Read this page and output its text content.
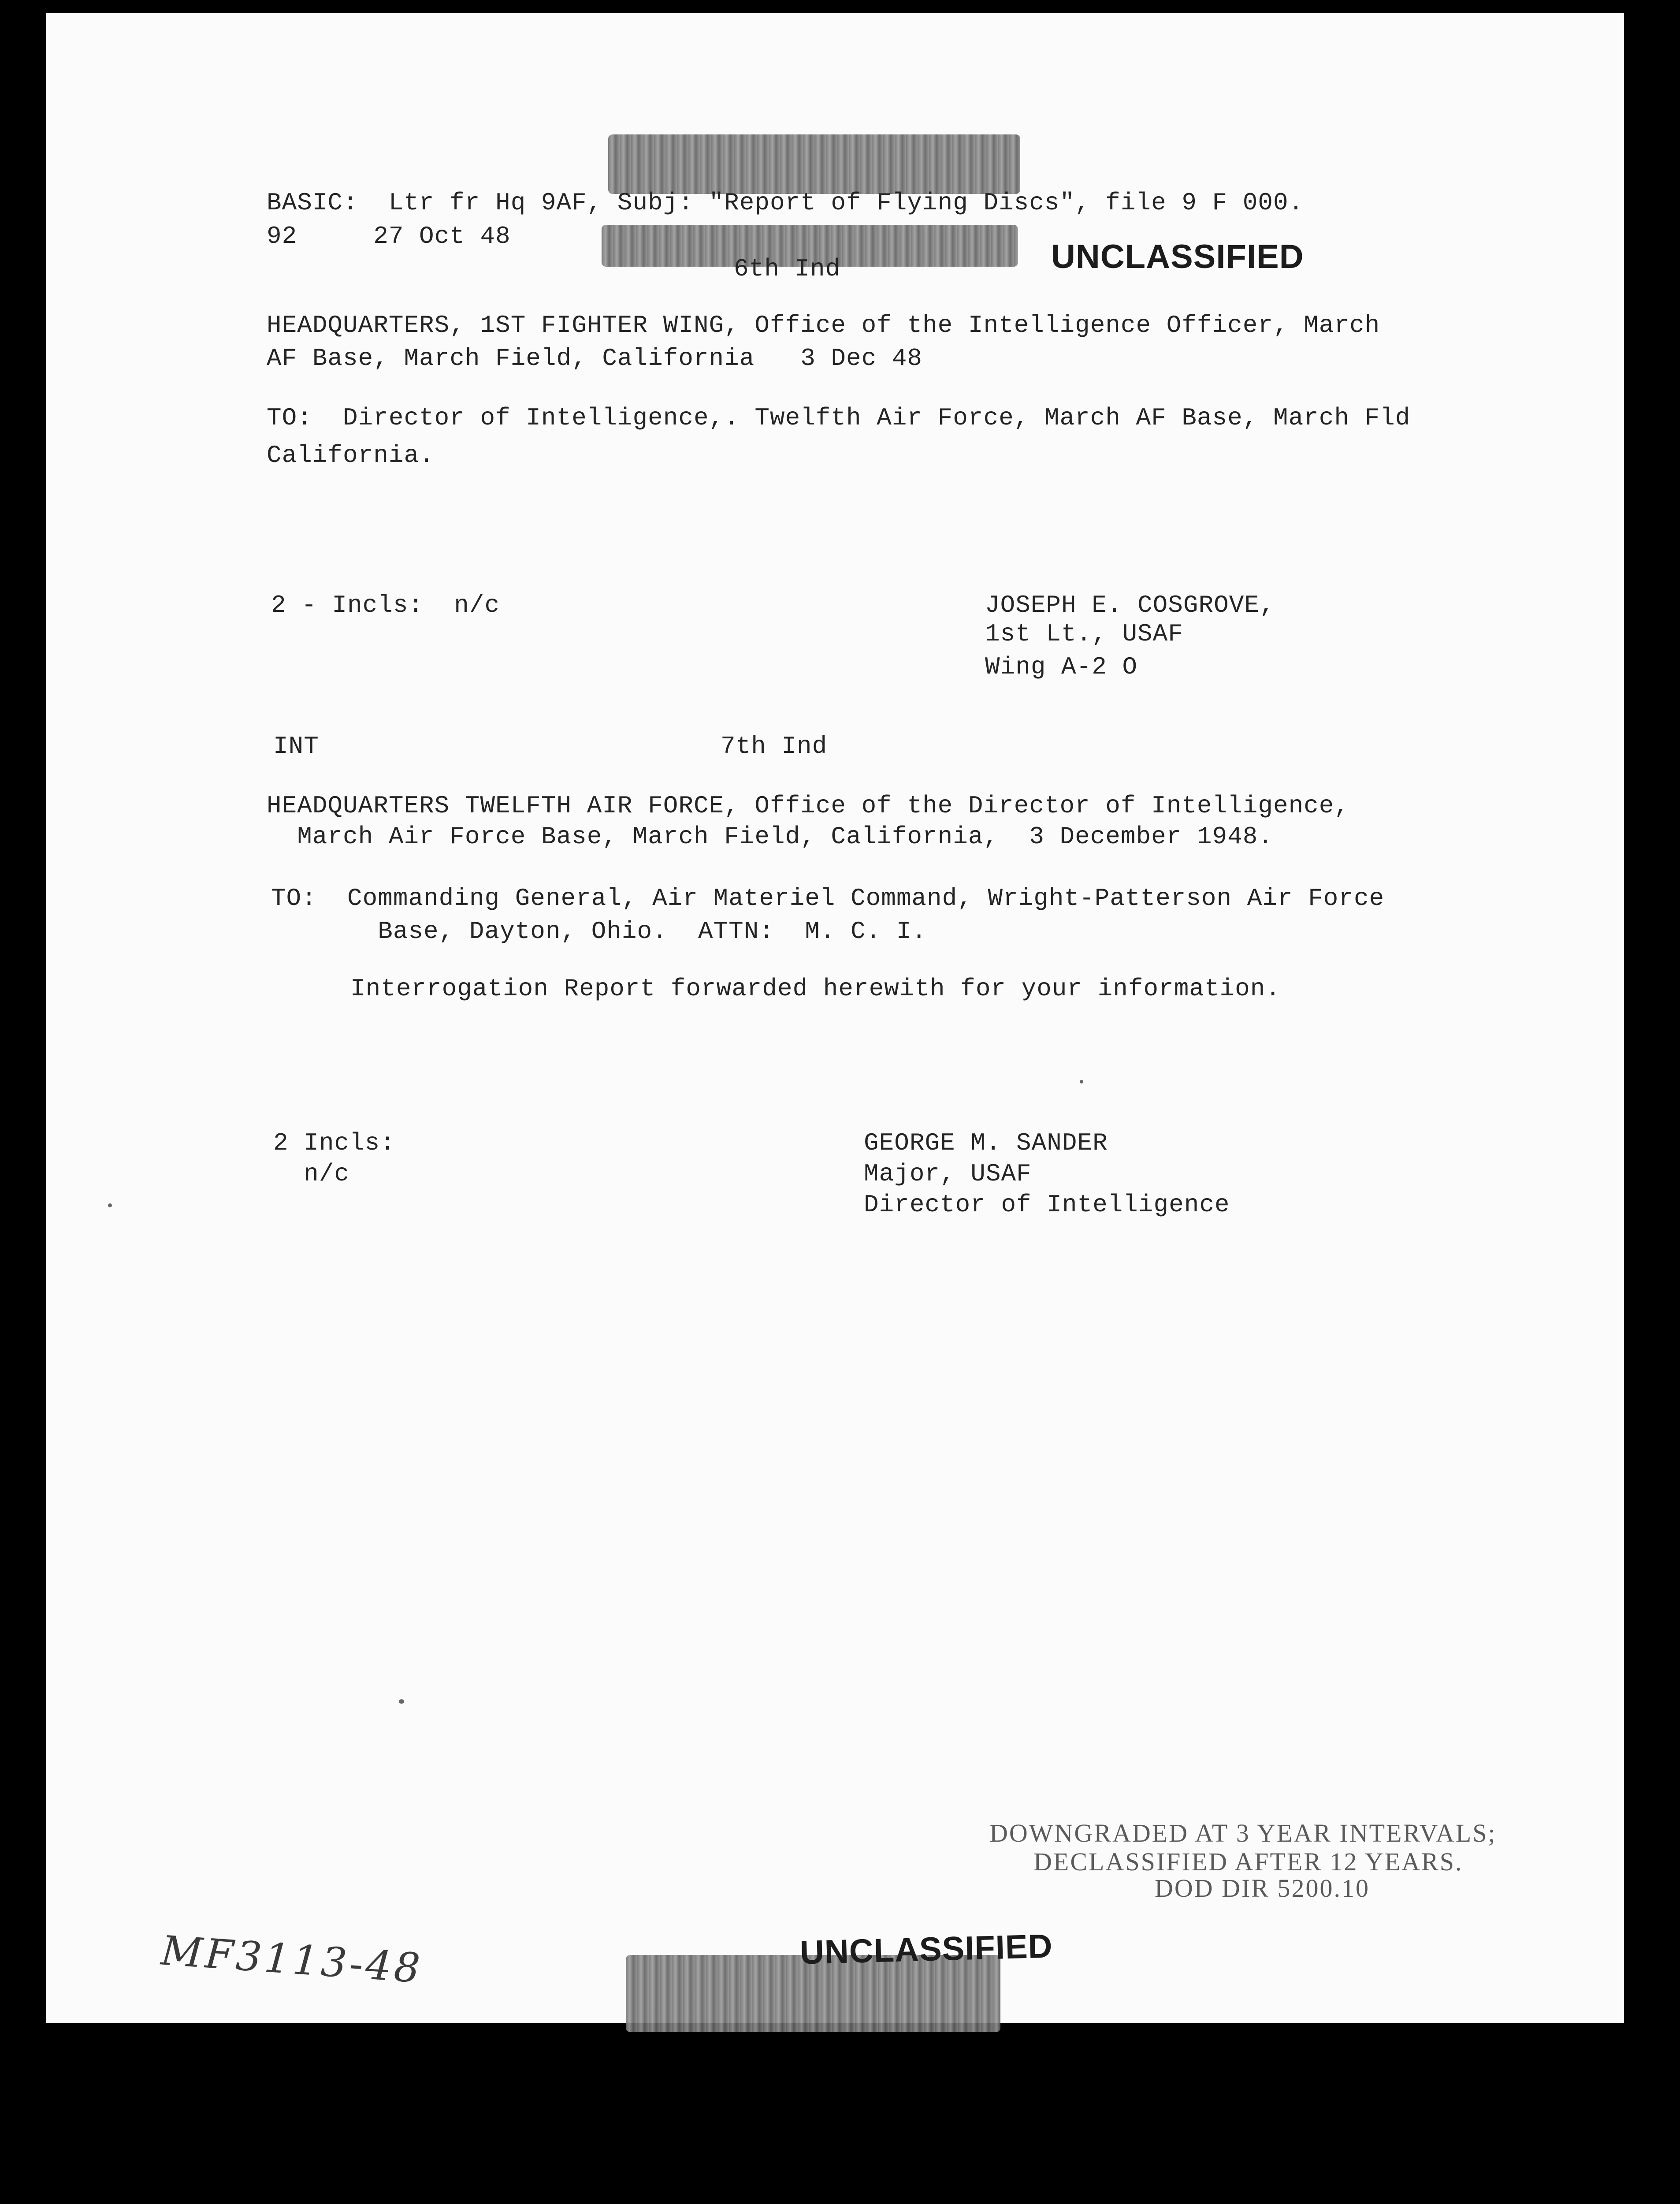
BASIC:  Ltr fr Hq 9AF, Subj: "Report of Flying Discs", file 9 F 000.
92     27 Oct 48
6th Ind	UNCLASSIFIED
HEADQUARTERS, 1ST FIGHTER WING, Office of the Intelligence Officer, March
AF Base, March Field, California   3 Dec 48
TO:  Director of Intelligence,. Twelfth Air Force, March AF Base, March Fld
California.
2 - Incls:  n/c	JOSEPH E. COSGROVE,
1st Lt., USAF
Wing A-2 O
INT	7th Ind
HEADQUARTERS TWELFTH AIR FORCE, Office of the Director of Intelligence,
March Air Force Base, March Field, California,  3 December 1948.
TO:  Commanding General, Air Materiel Command, Wright-Patterson Air Force
Base, Dayton, Ohio.  ATTN:  M. C. I.
Interrogation Report forwarded herewith for your information.
2 Incls:
n/c
GEORGE M. SANDER
Major, USAF
Director of Intelligence
DOWNGRADED AT 3 YEAR INTERVALS;
DECLASSIFIED AFTER 12 YEARS.
DOD DIR 5200.10
UNCLASSIFIED
MF3113-48
